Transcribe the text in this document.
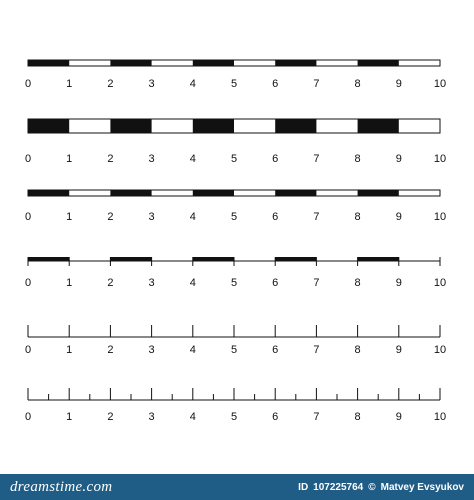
0	1	2	3	4	5	6	7	8	9	10
0	1	2	3	4	5	6	7	8	9	10
0	1	2	3	4	5	6	7	8	9	10
0	1	2	3	4	5	6	7	8	9	10
0	1	2	3	4	5	6	7	8	9	10
0	1	2	3	4	5	6	7	8	9	10
dreamstime.com	ID 107225764 © Matvey Evsyukov
